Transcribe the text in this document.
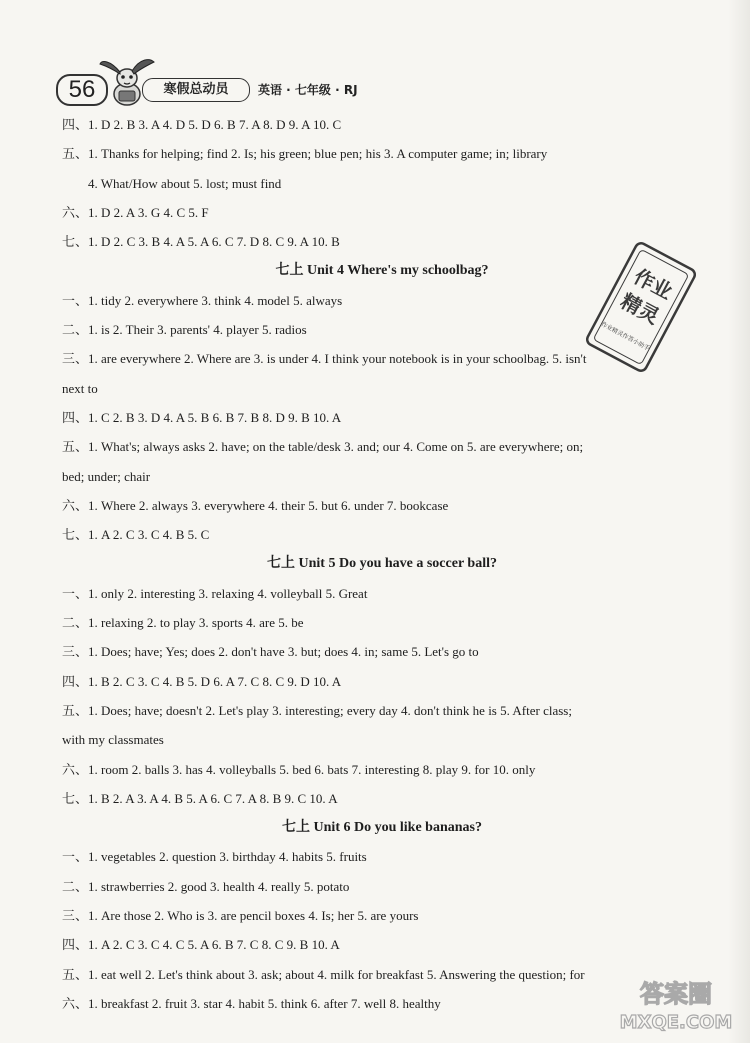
56	寒假总动员	英语 · 七年级 · RJ
四、1. D 2. B 3. A 4. D 5. D 6. B 7. A 8. D 9. A 10. C
五、1. Thanks for helping; find 2. Is; his green; blue pen; his 3. A computer game; in; library
4. What/How about 5. lost; must find
六、1. D 2. A 3. G 4. C 5. F
七、1. D 2. C 3. B 4. A 5. A 6. C 7. D 8. C 9. A 10. B
七上 Unit 4 Where's my schoolbag?
一、1. tidy 2. everywhere 3. think 4. model 5. always
二、1. is 2. Their 3. parents' 4. player 5. radios
三、1. are everywhere 2. Where are 3. is under 4. I think your notebook is in your schoolbag. 5. isn't
next to
四、1. C 2. B 3. D 4. A 5. B 6. B 7. B 8. D 9. B 10. A
五、1. What's; always asks 2. have; on the table/desk 3. and; our 4. Come on 5. are everywhere; on;
bed; under; chair
六、1. Where 2. always 3. everywhere 4. their 5. but 6. under 7. bookcase
七、1. A 2. C 3. C 4. B 5. C
七上 Unit 5 Do you have a soccer ball?
一、1. only 2. interesting 3. relaxing 4. volleyball 5. Great
二、1. relaxing 2. to play 3. sports 4. are 5. be
三、1. Does; have; Yes; does 2. don't have 3. but; does 4. in; same 5. Let's go to
四、1. B 2. C 3. C 4. B 5. D 6. A 7. C 8. C 9. D 10. A
五、1. Does; have; doesn't 2. Let's play 3. interesting; every day 4. don't think he is 5. After class;
with my classmates
六、1. room 2. balls 3. has 4. volleyballs 5. bed 6. bats 7. interesting 8. play 9. for 10. only
七、1. B 2. A 3. A 4. B 5. A 6. C 7. A 8. B 9. C 10. A
七上 Unit 6 Do you like bananas?
一、1. vegetables 2. question 3. birthday 4. habits 5. fruits
二、1. strawberries 2. good 3. health 4. really 5. potato
三、1. Are those 2. Who is 3. are pencil boxes 4. Is; her 5. are yours
四、1. A 2. C 3. C 4. C 5. A 6. B 7. C 8. C 9. B 10. A
五、1. eat well 2. Let's think about 3. ask; about 4. milk for breakfast 5. Answering the question; for
六、1. breakfast 2. fruit 3. star 4. habit 5. think 6. after 7. well 8. healthy
作业
精灵
作业精灵作答小助手
答案圈
MXQE.COM
